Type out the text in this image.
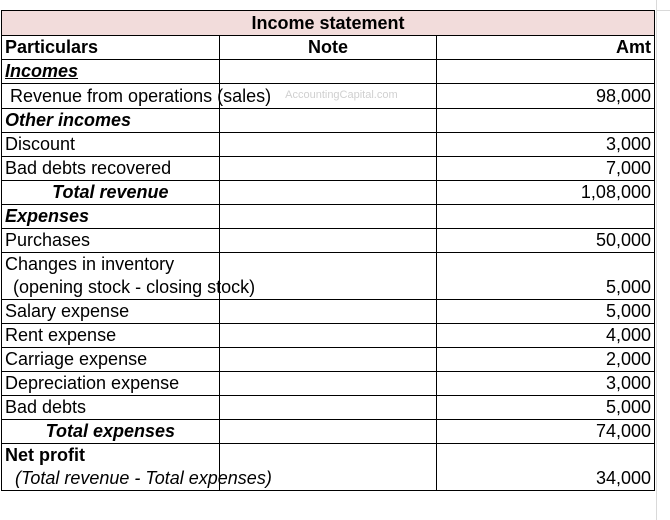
Income statement		
Particulars	Note	Amt
Incomes		
Revenue from operations (sales) $^{AccountingCapital.com}$		98,000
Other incomes		
Discount		3,000
Bad debts recovered		7,000
Total revenue		1,08,000
Expenses		
Purchases		50,000

Changes in inventory
(opening stock - closing stock)		5,000
Salary expense		5,000
Rent expense		4,000
Carriage expense		2,000
Depreciation expense		3,000
Bad debts		5,000
Total expenses		74,000

Net profit
(Total revenue - Total expenses)		34,000
